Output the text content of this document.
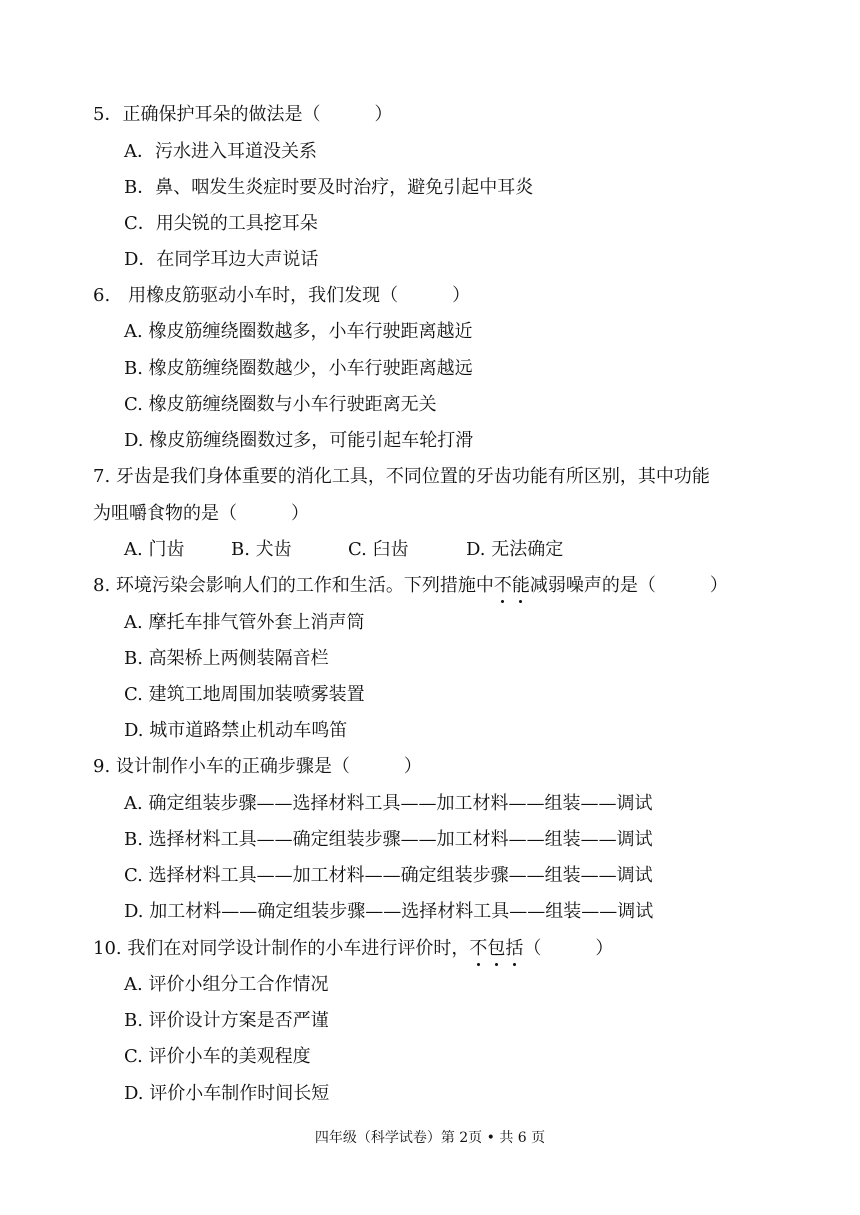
5．正确保护耳朵的做法是（　　　）
A．污水进入耳道没关系
B．鼻、咽发生炎症时要及时治疗，避免引起中耳炎
C．用尖锐的工具挖耳朵
D．在同学耳边大声说话
6.　用橡皮筋驱动小车时，我们发现（　　　）
A. 橡皮筋缠绕圈数越多，小车行驶距离越近
B. 橡皮筋缠绕圈数越少，小车行驶距离越远
C. 橡皮筋缠绕圈数与小车行驶距离无关
D. 橡皮筋缠绕圈数过多，可能引起车轮打滑
7. 牙齿是我们身体重要的消化工具，不同位置的牙齿功能有所区别，其中功能
为咀嚼食物的是（　　　）
A. 门齿	B. 犬齿	C. 臼齿	D. 无法确定
8. 环境污染会影响人们的工作和生活。下列措施中不能减弱噪声的是（　　　）
A. 摩托车排气管外套上消声筒
B. 高架桥上两侧装隔音栏
C. 建筑工地周围加装喷雾装置
D. 城市道路禁止机动车鸣笛
9. 设计制作小车的正确步骤是（　　　）
A. 确定组装步骤——选择材料工具——加工材料——组装——调试
B. 选择材料工具——确定组装步骤——加工材料——组装——调试
C. 选择材料工具——加工材料——确定组装步骤——组装——调试
D. 加工材料——确定组装步骤——选择材料工具——组装——调试
10. 我们在对同学设计制作的小车进行评价时，不包括（　　　）
A. 评价小组分工合作情况
B. 评价设计方案是否严谨
C. 评价小车的美观程度
D. 评价小车制作时间长短
四年级（科学试卷）第 2页 • 共 6 页
